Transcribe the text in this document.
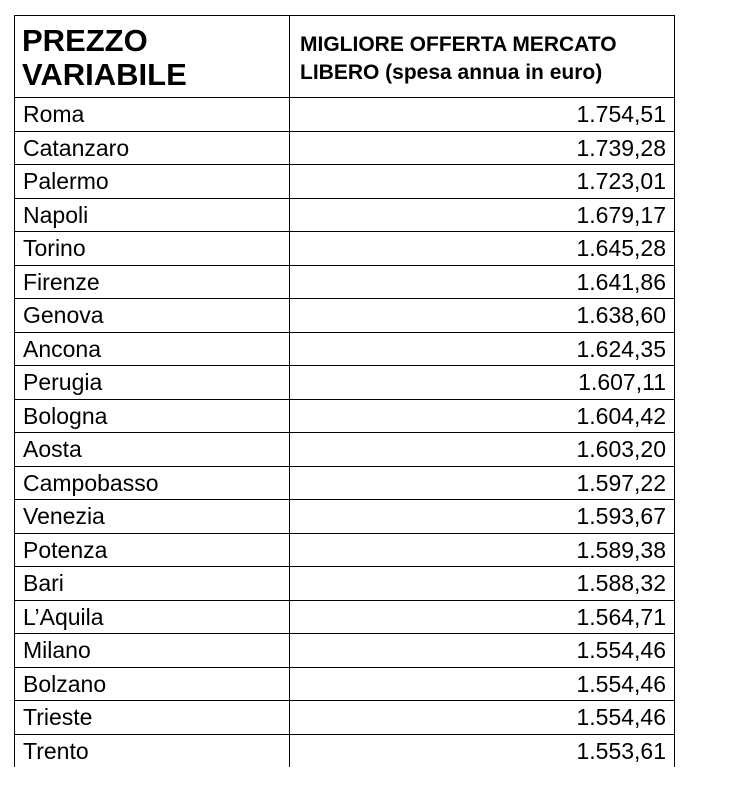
PREZZO VARIABILE	MIGLIORE OFFERTA MERCATO LIBERO (spesa annua in euro)
Roma	1.754,51
Catanzaro	1.739,28
Palermo	1.723,01
Napoli	1.679,17
Torino	1.645,28
Firenze	1.641,86
Genova	1.638,60
Ancona	1.624,35
Perugia	1.607,11
Bologna	1.604,42
Aosta	1.603,20
Campobasso	1.597,22
Venezia	1.593,67
Potenza	1.589,38
Bari	1.588,32
L’Aquila	1.564,71
Milano	1.554,46
Bolzano	1.554,46
Trieste	1.554,46
Trento	1.553,61
